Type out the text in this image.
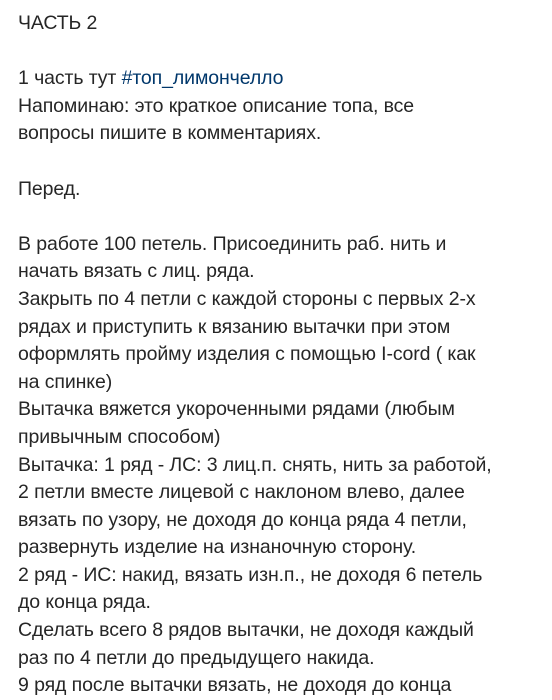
ЧАСТЬ 2
1 часть тут #топ_лимончелло
Напоминаю: это краткое описание топа, все
вопросы пишите в комментариях.
Перед.
В работе 100 петель. Присоединить раб. нить и
начать вязать с лиц. ряда.
Закрыть по 4 петли с каждой стороны с первых 2-х
рядах и приступить к вязанию вытачки при этом
оформлять пройму изделия с помощью I-cord ( как
на спинке)
Вытачка вяжется укороченными рядами (любым
привычным способом)
Вытачка: 1 ряд - ЛС: 3 лиц.п. снять, нить за работой,
2 петли вместе лицевой с наклоном влево, далее
вязать по узору, не доходя до конца ряда 4 петли,
развернуть изделие на изнаночную сторону.
2 ряд - ИС: накид, вязать изн.п., не доходя 6 петель
до конца ряда.
Сделать всего 8 рядов вытачки, не доходя каждый
раз по 4 петли до предыдущего накида.
9 ряд после вытачки вязать, не доходя до конца
